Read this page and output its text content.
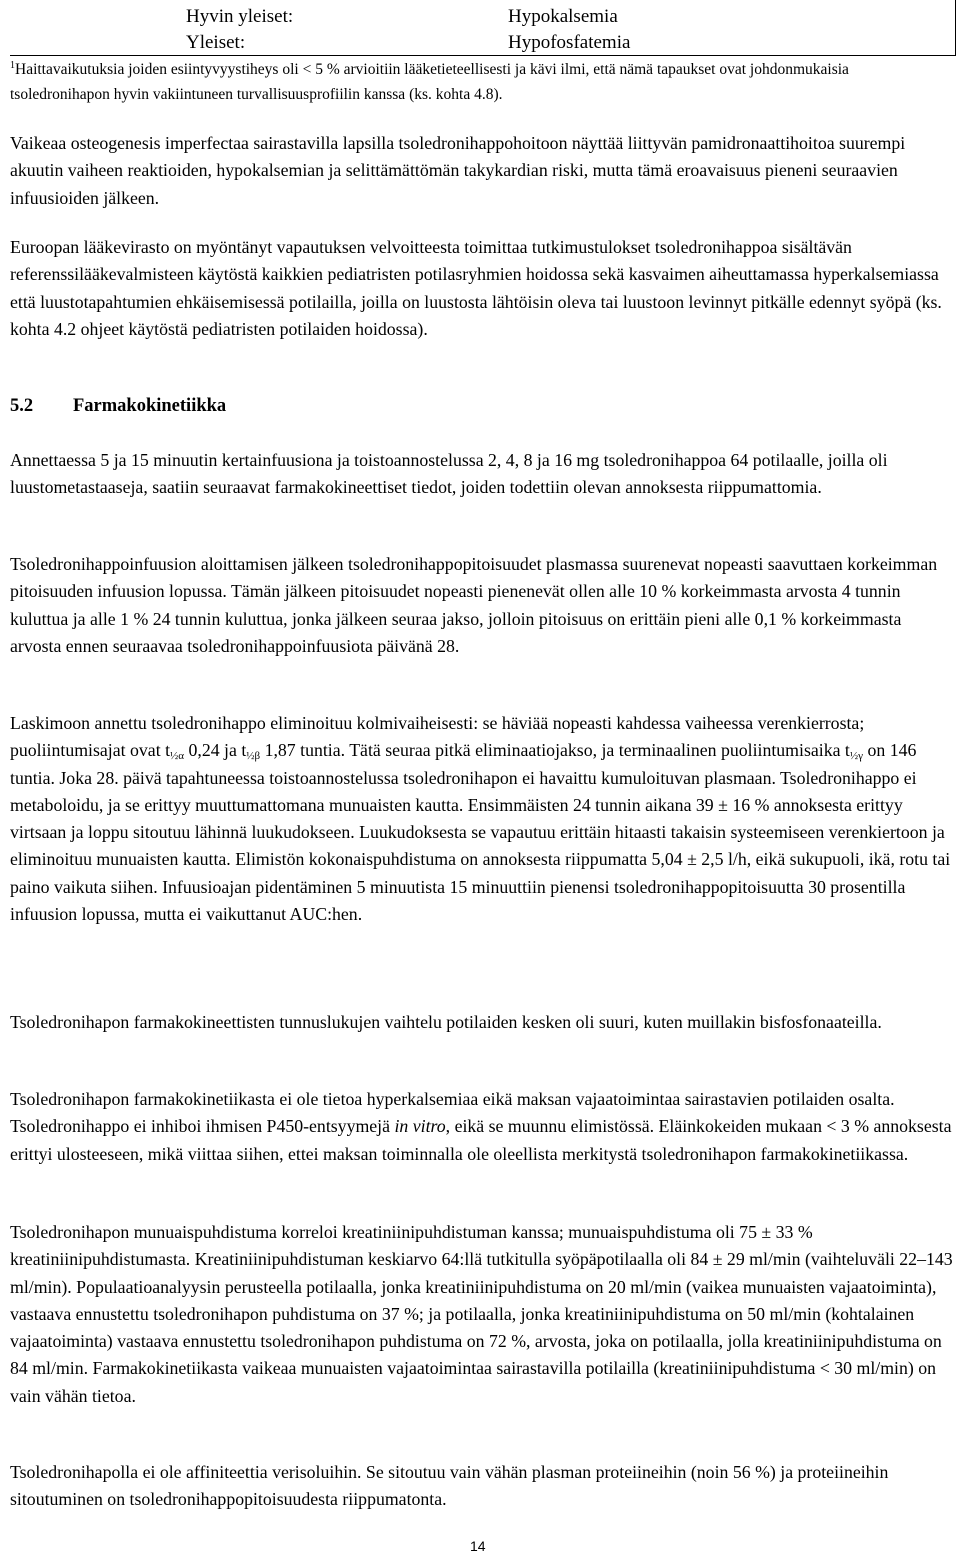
Hyvin yleiset:	Hypokalsemia
Yleiset:	Hypofosfatemia
$^1$Haittavaikutuksia joiden esiintyvyystiheys oli < 5 % arvioitiin lääketieteellisesti ja kävi ilmi, että nämä tapaukset ovat johdonmukaisia tsoledronihapon hyvin vakiintuneen turvallisuusprofiilin kanssa (ks. kohta 4.8).

Vaikeaa osteogenesis imperfectaa sairastavilla lapsilla tsoledronihappohoitoon näyttää liittyvän pamidronaattihoitoa suurempi akuutin vaiheen reaktioiden, hypokalsemian ja selittämättömän takykardian riski, mutta tämä eroavaisuus pieneni seuraavien infuusioiden jälkeen.

Euroopan lääkevirasto on myöntänyt vapautuksen velvoitteesta toimittaa tutkimustulokset tsoledronihappoa sisältävän referenssilääkevalmisteen käytöstä kaikkien pediatristen potilasryhmien hoidossa sekä kasvaimen aiheuttamassa hyperkalsemiassa että luustotapahtumien ehkäisemisessä potilailla, joilla on luustosta lähtöisin oleva tai luustoon levinnyt pitkälle edennyt syöpä (ks. kohta 4.2 ohjeet käytöstä pediatristen potilaiden hoidossa).

5.2 Farmakokinetiikka

Annettaessa 5 ja 15 minuutin kertainfuusiona ja toistoannostelussa 2, 4, 8 ja 16 mg tsoledronihappoa 64 potilaalle, joilla oli luustometastaaseja, saatiin seuraavat farmakokineettiset tiedot, joiden todettiin olevan annoksesta riippumattomia.

Tsoledronihappoinfuusion aloittamisen jälkeen tsoledronihappopitoisuudet plasmassa suurenevat nopeasti saavuttaen korkeimman pitoisuuden infuusion lopussa. Tämän jälkeen pitoisuudet nopeasti pienenevät ollen alle 10 % korkeimmasta arvosta 4 tunnin kuluttua ja alle 1 % 24 tunnin kuluttua, jonka jälkeen seuraa jakso, jolloin pitoisuus on erittäin pieni alle 0,1 % korkeimmasta arvosta ennen seuraavaa tsoledronihappoinfuusiota päivänä 28.

Laskimoon annettu tsoledronihappo eliminoituu kolmivaiheisesti: se häviää nopeasti kahdessa vaiheessa verenkierrosta; puoliintumisajat ovat $t_{\frac{1}{2}\alpha}$ 0,24 ja $t_{\frac{1}{2}\beta}$ 1,87 tuntia. Tätä seuraa pitkä eliminaatiojakso, ja terminaalinen puoliintumisaika $t_{\frac{1}{2}\gamma}$ on 146 tuntia. Joka 28. päivä tapahtuneessa toistoannostelussa tsoledronihapon ei havaittu kumuloituvan plasmaan. Tsoledronihappo ei metaboloidu, ja se erittyy muuttumattomana munuaisten kautta. Ensimmäisten 24 tunnin aikana 39 ± 16 % annoksesta erittyy virtsaan ja loppu sitoutuu lähinnä luukudokseen. Luukudoksesta se vapautuu erittäin hitaasti takaisin systeemiseen verenkiertoon ja eliminoituu munuaisten kautta. Elimistön kokonaispuhdistuma on annoksesta riippumatta 5,04 ± 2,5 l/h, eikä sukupuoli, ikä, rotu tai paino vaikuta siihen. Infuusioajan pidentäminen 5 minuutista 15 minuuttiin pienensi tsoledronihappopitoisuutta 30 prosentilla infuusion lopussa, mutta ei vaikuttanut AUC:hen.

Tsoledronihapon farmakokineettisten tunnuslukujen vaihtelu potilaiden kesken oli suuri, kuten muillakin bisfosfonaateilla.

Tsoledronihapon farmakokinetiikasta ei ole tietoa hyperkalsemiaa eikä maksan vajaatoimintaa sairastavien potilaiden osalta. Tsoledronihappo ei inhiboi ihmisen P450-entsyymejä in vitro, eikä se muunnu elimistössä. Eläinkokeiden mukaan < 3 % annoksesta erittyi ulosteeseen, mikä viittaa siihen, ettei maksan toiminnalla ole oleellista merkitystä tsoledronihapon farmakokinetiikassa.

Tsoledronihapon munuaispuhdistuma korreloi kreatiniinipuhdistuman kanssa; munuaispuhdistuma oli 75 ± 33 % kreatiniinipuhdistumasta. Kreatiniinipuhdistuman keskiarvo 64:llä tutkitulla syöpäpotilaalla oli 84 ± 29 ml/min (vaihteluväli 22–143 ml/min). Populaatioanalyysin perusteella potilaalla, jonka kreatiniinipuhdistuma on 20 ml/min (vaikea munuaisten vajaatoiminta), vastaava ennustettu tsoledronihapon puhdistuma on 37 %; ja potilaalla, jonka kreatiniinipuhdistuma on 50 ml/min (kohtalainen vajaatoiminta) vastaava ennustettu tsoledronihapon puhdistuma on 72 %, arvosta, joka on potilaalla, jolla kreatiniinipuhdistuma on 84 ml/min. Farmakokinetiikasta vaikeaa munuaisten vajaatoimintaa sairastavilla potilailla (kreatiniinipuhdistuma < 30 ml/min) on vain vähän tietoa.

Tsoledronihapolla ei ole affiniteettia verisoluihin. Se sitoutuu vain vähän plasman proteiineihin (noin 56 %) ja proteiineihin sitoutuminen on tsoledronihappopitoisuudesta riippumatonta.

14
